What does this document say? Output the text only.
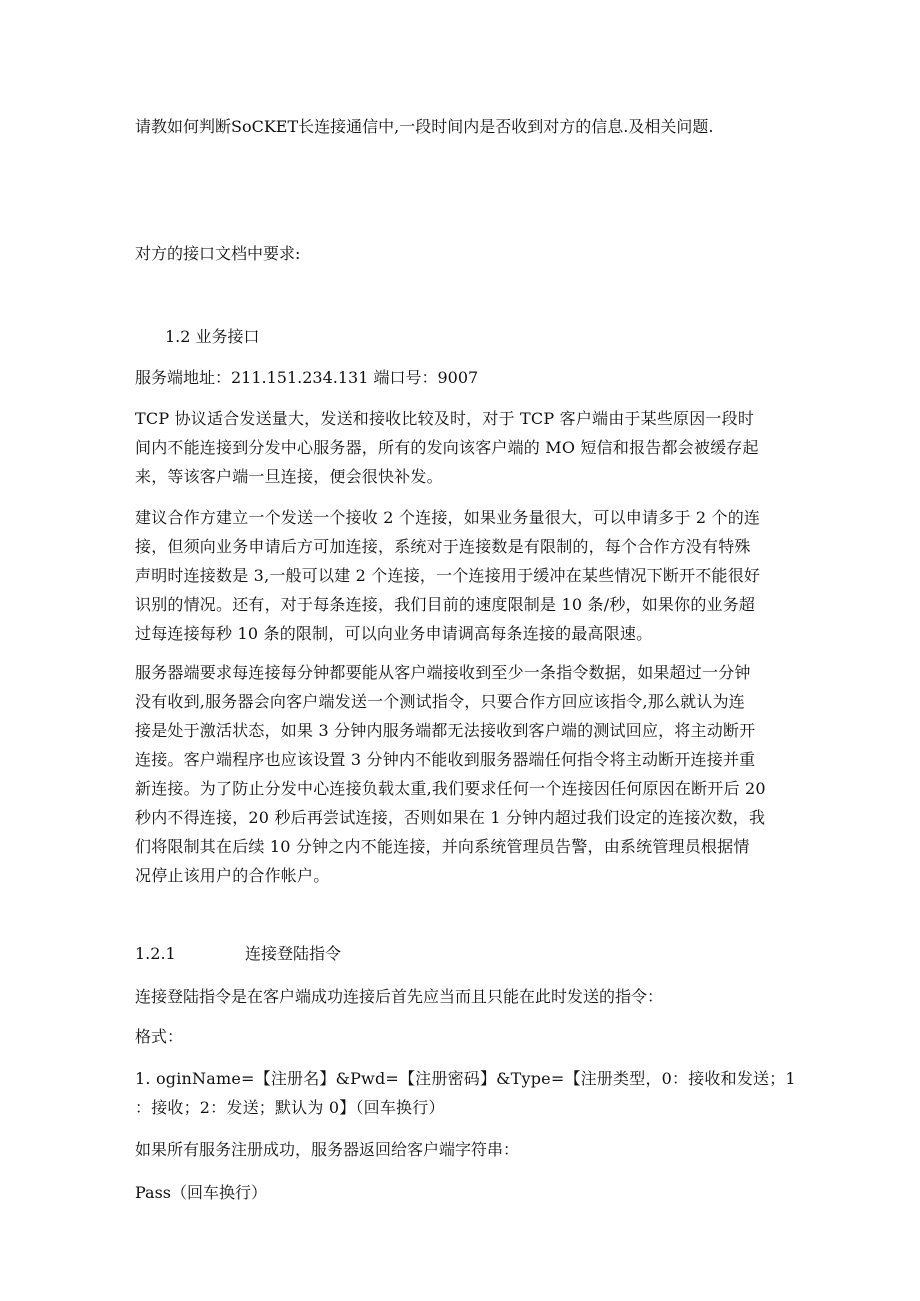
请教如何判断SoCKET长连接通信中,一段时间内是否收到对方的信息.及相关问题.
对方的接口文档中要求:
1.2 业务接口
服务端地址：211.151.234.131 端口号：9007
TCP 协议适合发送量大，发送和接收比较及时，对于 TCP 客户端由于某些原因一段时
间内不能连接到分发中心服务器，所有的发向该客户端的 MO 短信和报告都会被缓存起
来，等该客户端一旦连接，便会很快补发。
建议合作方建立一个发送一个接收 2 个连接，如果业务量很大，可以申请多于 2 个的连
接，但须向业务申请后方可加连接，系统对于连接数是有限制的，每个合作方没有特殊
声明时连接数是 3,一般可以建 2 个连接，一个连接用于缓冲在某些情况下断开不能很好
识别的情况。还有，对于每条连接，我们目前的速度限制是 10 条/秒，如果你的业务超
过每连接每秒 10 条的限制，可以向业务申请调高每条连接的最高限速。
服务器端要求每连接每分钟都要能从客户端接收到至少一条指令数据，如果超过一分钟
没有收到,服务器会向客户端发送一个测试指令，只要合作方回应该指令,那么就认为连
接是处于激活状态，如果 3 分钟内服务端都无法接收到客户端的测试回应，将主动断开
连接。客户端程序也应该设置 3 分钟内不能收到服务器端任何指令将主动断开连接并重
新连接。为了防止分发中心连接负载太重,我们要求任何一个连接因任何原因在断开后 20
秒内不得连接，20 秒后再尝试连接，否则如果在 1 分钟内超过我们设定的连接次数，我
们将限制其在后续 10 分钟之内不能连接，并向系统管理员告警，由系统管理员根据情
况停止该用户的合作帐户。
1.2.1	连接登陆指令
连接登陆指令是在客户端成功连接后首先应当而且只能在此时发送的指令：
格式：
1. oginName=【注册名】&Pwd=【注册密码】&Type=【注册类型，0：接收和发送；1
：接收；2：发送；默认为 0】（回车换行）
如果所有服务注册成功，服务器返回给客户端字符串：
Pass（回车换行）
